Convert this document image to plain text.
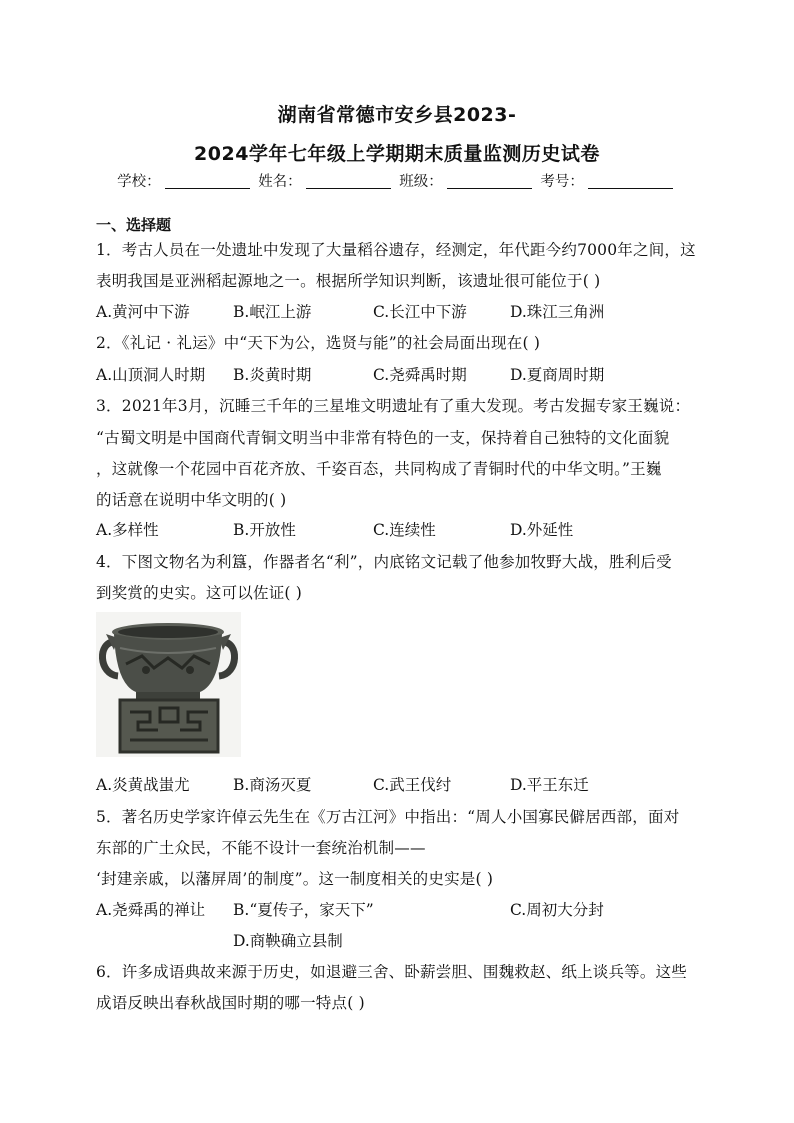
湖南省常德市安乡县2023-
2024学年七年级上学期期末质量监测历史试卷
学校：	姓名：	班级：	考号：
一、选择题
1．考古人员在一处遗址中发现了大量稻谷遗存，经测定，年代距今约7000年之间，这
表明我国是亚洲稻起源地之一。根据所学知识判断，该遗址很可能位于( )
A.黄河中下游	B.岷江上游	C.长江中下游	D.珠江三角洲
2．《礼记 · 礼运》中“天下为公，选贤与能”的社会局面出现在( )
A.山顶洞人时期 B.炎黄时期	C.尧舜禹时期	D.夏商周时期
3．2021年3月，沉睡三千年的三星堆文明遗址有了重大发现。考古发掘专家王巍说：
“古蜀文明是中国商代青铜文明当中非常有特色的一支，保持着自己独特的文化面貌
，这就像一个花园中百花齐放、千姿百态，共同构成了青铜时代的中华文明。”王巍
的话意在说明中华文明的( )
A.多样性	B.开放性	C.连续性	D.外延性
4．下图文物名为利簋，作器者名“利”，内底铭文记载了他参加牧野大战，胜利后受
到奖赏的史实。这可以佐证( )
A.炎黄战蚩尤	B.商汤灭夏	C.武王伐纣	D.平王东迁
5．著名历史学家许倬云先生在《万古江河》中指出：“周人小国寡民僻居西部，面对
东部的广土众民，不能不设计一套统治机制——
‘封建亲戚，以藩屏周’的制度”。这一制度相关的史实是( )
A.尧舜禹的禅让 B.“夏传子，家天下”	C.周初大分封
D.商鞅确立县制
6．许多成语典故来源于历史，如退避三舍、卧薪尝胆、围魏救赵、纸上谈兵等。这些
成语反映出春秋战国时期的哪一特点( )
